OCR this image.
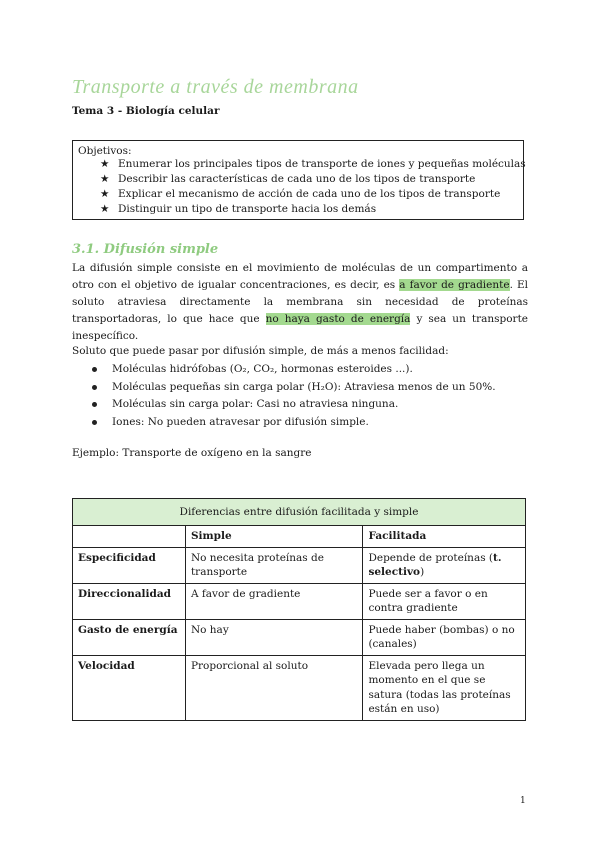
Transporte a través de membrana
Tema 3 - Biología celular
Objetivos:
★ Enumerar los principales tipos de transporte de iones y pequeñas moléculas
★ Describir las características de cada uno de los tipos de transporte
★ Explicar el mecanismo de acción de cada uno de los tipos de transporte
★ Distinguir un tipo de transporte hacia los demás
3.1. Difusión simple
La difusión simple consiste en el movimiento de moléculas de un compartimento a otro con el objetivo de igualar concentraciones, es decir, es a favor de gradiente. El soluto atraviesa directamente la membrana sin necesidad de proteínas transportadoras, lo que hace que no haya gasto de energía y sea un transporte inespecífico.
Soluto que puede pasar por difusión simple, de más a menos facilidad:
Moléculas hidrófobas (O₂, CO₂, hormonas esteroides ...).
Moléculas pequeñas sin carga polar (H₂O): Atraviesa menos de un 50%.
Moléculas sin carga polar: Casi no atraviesa ninguna.
Iones: No pueden atravesar por difusión simple.
Ejemplo: Transporte de oxígeno en la sangre
Diferencias entre difusión facilitada y simple		
	Simple	Facilitada
Especificidad	No necesita proteínas de transporte	Depende de proteínas (t. selectivo)
Direccionalidad	A favor de gradiente	Puede ser a favor o en contra gradiente
Gasto de energía	No hay	Puede haber (bombas) o no (canales)
Velocidad	Proporcional al soluto	Elevada pero llega un momento en el que se satura (todas las proteínas están en uso)
1
